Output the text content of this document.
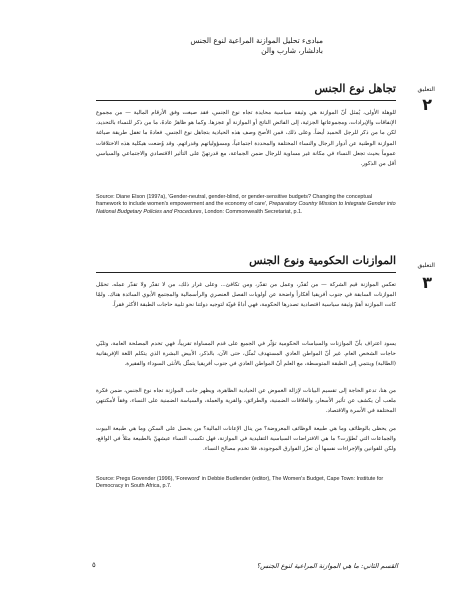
مبادىء تحليل الموازنة المراعية لنوع الجنس
بادلشار، شارب والن
تجاهل نوع الجنس	التعليق
٢

للوهلة الأولى، يُمثل أنّ الموازنة هي وثيقة سياسية محايدة تجاه نوع الجنس، فقد صيغت وفق الأرقام المالية — من مجموع الإنفاقات والإيرادات، ومجموعاتها الجزئية، إلى الفائض الناتج أو الموازنة أو عجزها. وكما هو ظاهرٌ عادةً، ما من ذكر للنساء بالتحديد، لكن ما من ذكر للرجل الحميد أيضاً. وعلى ذلك، فمن الأصح وصف هذه الحيادية بتجاهل نوع الجنس. فعادةً ما تغفل طريقة صياغة الموازنة الوطنية عن أدوار الرجال والنساء المختلفة والمحددة اجتماعياً، ومسؤولياتهم وقدراتهم. وقد وُضعت هيكلية هذه الاختلافات عموماً بحيث تجعل النساء في مكانة غير مساوية للرجال ضمن الجماعة، مع قدرتهنّ على التأثير الاقتصادي والاجتماعي والسياسي أقل من الذكور.

Source: Diane Elson (1997a), 'Gender-neutral, gender-blind, or gender-sensitive budgets? Changing the conceptual framework to include women's empowerment and the economy of care', Preparatory Country Mission to Integrate Gender into National Budgetary Policies and Procedures, London: Commonwealth Secretariat, p.1.

الموازنات الحكومية ونوع الجنس	التعليق
٣

تعكس الموازنة قيم الشركة — من تُقدّر، وعمل من تقدّر، ومن تكافئ... وعلى غرار ذلك، من لا تقدّر ولا تقدّر عمله. تحمّل الموازنات السابقة في جنوب أفريقيا أفكاراً واضحة عن أولويات الفصل العنصري والرأسمالية والمجتمع الأبوي السائدة هناك. ولمّا كانت الموازنة أهمّ وثيقة سياسية اقتصادية تصدرها الحكومة، فهي أداةٌ قويّة لتوجيه دولتنا نحو تلبية حاجات الطبقة الأكثر فقراً.

يسود اعتراف بأنّ الموازنات والسياسات الحكومية تؤثّر في الجميع على قدم المساواة تقريباً، فهي تخدم المصلحة العامة، وتلبّي حاجات الشخص العام. غير أنّ المواطن العادي المستهدف تُمثّل، حتى الآن، بالذكر، الأبيض البشرة الذي يتكلم اللغة الإفريقانية (الطالبة) وينتمي إلى الطبقة المتوسطة، مع العلم أنّ المواطن العادي في جنوب أفريقيا يتمثّل بالأنثى السوداء والفقيرة.

من هنا، تدعو الحاجة إلى تقسيم البيانات لإزالة الغموض عن الحيادية الظاهرة، ويظهر جانب الموازنة تجاه نوع الجنس، ضمن فكرة ملعب أن يكشف عن تأثير الأسعار، والعلاقات الضمنية، والطرائق، والقرية والعملة، والسياسة الضمنية على النساء، وفقاً لأمكنتهن المختلفة في الأسرة والاقتصاد.

من يحظى بالوظائف وما هي طبيعة الوظائف المعروضة؟ من ينال الإعانات المالية؟ من يحصل على السكن وما هي طبيعة البيوت والجماعات التي تُطوّرت؟ ما هي الافتراضات السياسية التقليدية في الموازنة، فهل تكسب النساء عيشهنّ بالطبيعة مثلاً في الواقع، ولكن للقوانين والإجراءات نفسها أن تعزّز الفوارق الموجودة، فلا تخدم مصالح النساء.

Source: Pregs Govender (1996), 'Foreword' in Debbie Budlender (editor), The Women's Budget, Cape Town: Institute for Democracy in South Africa, p.7.

القسم الثاني: ما هي الموازنة المراعية لنوع الجنس؟
٥
